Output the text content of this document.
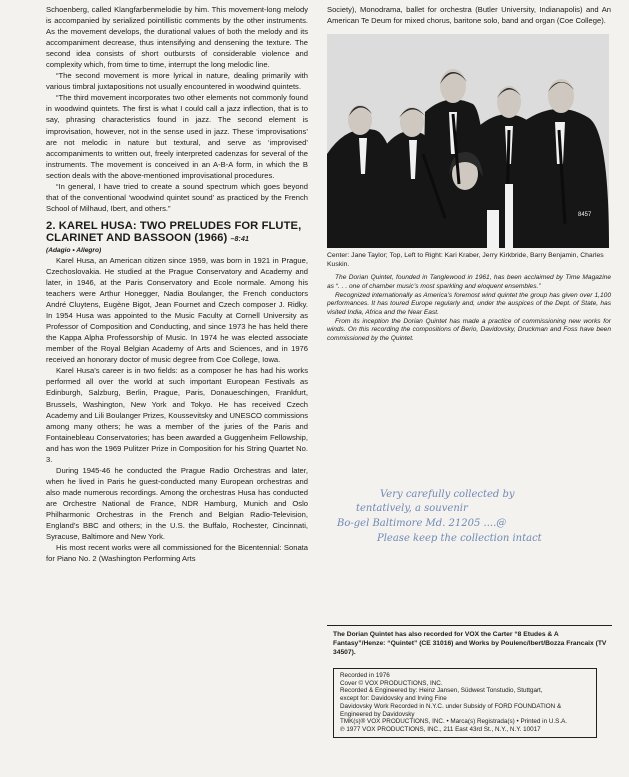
Schoenberg, called Klangfarbenmelodie by him. This movement-long melody is accompanied by serialized pointillistic comments by the other instruments. As the movement develops, the durational values of both the melody and its accompaniment decrease, thus intensifying and densening the texture. The second idea consists of short outbursts of considerable violence and complexity which, from time to time, interrupt the long melodic line.

“The second movement is more lyrical in nature, dealing primarily with various timbral juxtapositions not usually encountered in woodwind quintets.

“The third movement incorporates two other elements not commonly found in woodwind quintets. The first is what I could call a jazz inflection, that is to say, phrasing characteristics found in jazz. The second element is improvisation, however, not in the sense used in jazz. These ‘improvisations’ are not melodic in nature but textural, and serve as ‘improvised’ accompaniments to written out, freely interpreted cadenzas for several of the instruments. The movement is conceived in an A-B-A form, in which the B section deals with the above-mentioned improvisational procedures.

“In general, I have tried to create a sound spectrum which goes beyond that of the conventional ‘woodwind quintet sound’ as practiced by the French School of Milhaud, Ibert, and others.”

2. KAREL HUSA: TWO PRELUDES FOR FLUTE,
CLARINET AND BASSOON (1966) –8:41
(Adagio • Allegro)

Karel Husa, an American citizen since 1959, was born in 1921 in Prague, Czechoslovakia. He studied at the Prague Conservatory and Academy and later, in 1946, at the Paris Conservatory and Ecole normale. Among his teachers were Arthur Honegger, Nadia Boulanger, the French conductors André Cluytens, Eugène Bigot, Jean Fournet and Czech composer J. Ridky. In 1954 Husa was appointed to the Music Faculty at Cornell University as Professor of Composition and Conducting, and since 1973 he has held there the Kappa Alpha Professorship of Music. In 1974 he was elected associate member of the Royal Belgian Academy of Arts and Sciences, and in 1976 received an honorary doctor of music degree from Coe College, Iowa.

Karel Husa’s career is in two fields: as a composer he has had his works performed all over the world at such important European Festivals as Edinburgh, Salzburg, Berlin, Prague, Paris, Donaueschingen, Frankfurt, Brussels, Washington, New York and Tokyo. He has received Czech Academy and Lili Boulanger Prizes, Koussevitsky and UNESCO commissions among many others; he was a member of the juries of the Paris and Fontainebleau Conservatories; has been awarded a Guggenheim Fellowship, and has won the 1969 Pulitzer Prize in Composition for his String Quartet No. 3.

During 1945-46 he conducted the Prague Radio Orchestras and later, when he lived in Paris he guest-conducted many European orchestras and also made numerous recordings. Among the orchestras Husa has conducted are Orchestre National de France, NDR Hamburg, Munich and Oslo Philharmonic Orchestras in the French and Belgian Radio-Television, England’s BBC and others; in the U.S. the Buffalo, Rochester, Cincinnati, Syracuse, Baltimore and New York.

His most recent works were all commissioned for the Bicentennial: Sonata for Piano No. 2 (Washington Performing Arts

Society), Monodrama, ballet for orchestra (Butler University, Indianapolis) and An American Te Deum for mixed chorus, baritone solo, band and organ (Coe College).

8457
Center: Jane Taylor; Top, Left to Right: Kari Kraber, Jerry Kirkbride, Barry Benjamin, Charles Kuskin.

The Dorian Quintet, founded in Tanglewood in 1961, has been acclaimed by Time Magazine as “. . . one of chamber music’s most sparkling and eloquent ensembles.”

Recognized internationally as America’s foremost wind quintet the group has given over 1,100 performances. It has toured Europe regularly and, under the auspices of the Dept. of State, has visited India, Africa and the Near East.

From its inception the Dorian Quintet has made a practice of commissioning new works for winds. On this recording the compositions of Berio, Davidovsky, Druckman and Foss have been commissioned by the Quintet.

Very carefully collected by
tentatively, a souvenir
Bo-gel Baltimore Md. 21205 ....@
Please keep the collection intact
The Dorian Quintet has also recorded for VOX the Carter “8 Etudes & A Fantasy”/Henze: “Quintet” (CE 31016) and Works by Poulenc/Ibert/Bozza Francaix (TV 34507).
Recorded in 1976
Cover © VOX PRODUCTIONS, INC.
Recorded & Engineered by: Heinz Jansen, Südwest Tonstudio, Stuttgart,
except for: Davidovsky and Irving Fine
Davidovsky Work Recorded in N.Y.C. under Subsidy of FORD FOUNDATION &
Engineered by Davidovsky
TMK(s)® VOX PRODUCTIONS, INC. • Marca(s) Registrada(s) • Printed in U.S.A.
℗ 1977 VOX PRODUCTIONS, INC., 211 East 43rd St., N.Y., N.Y. 10017
